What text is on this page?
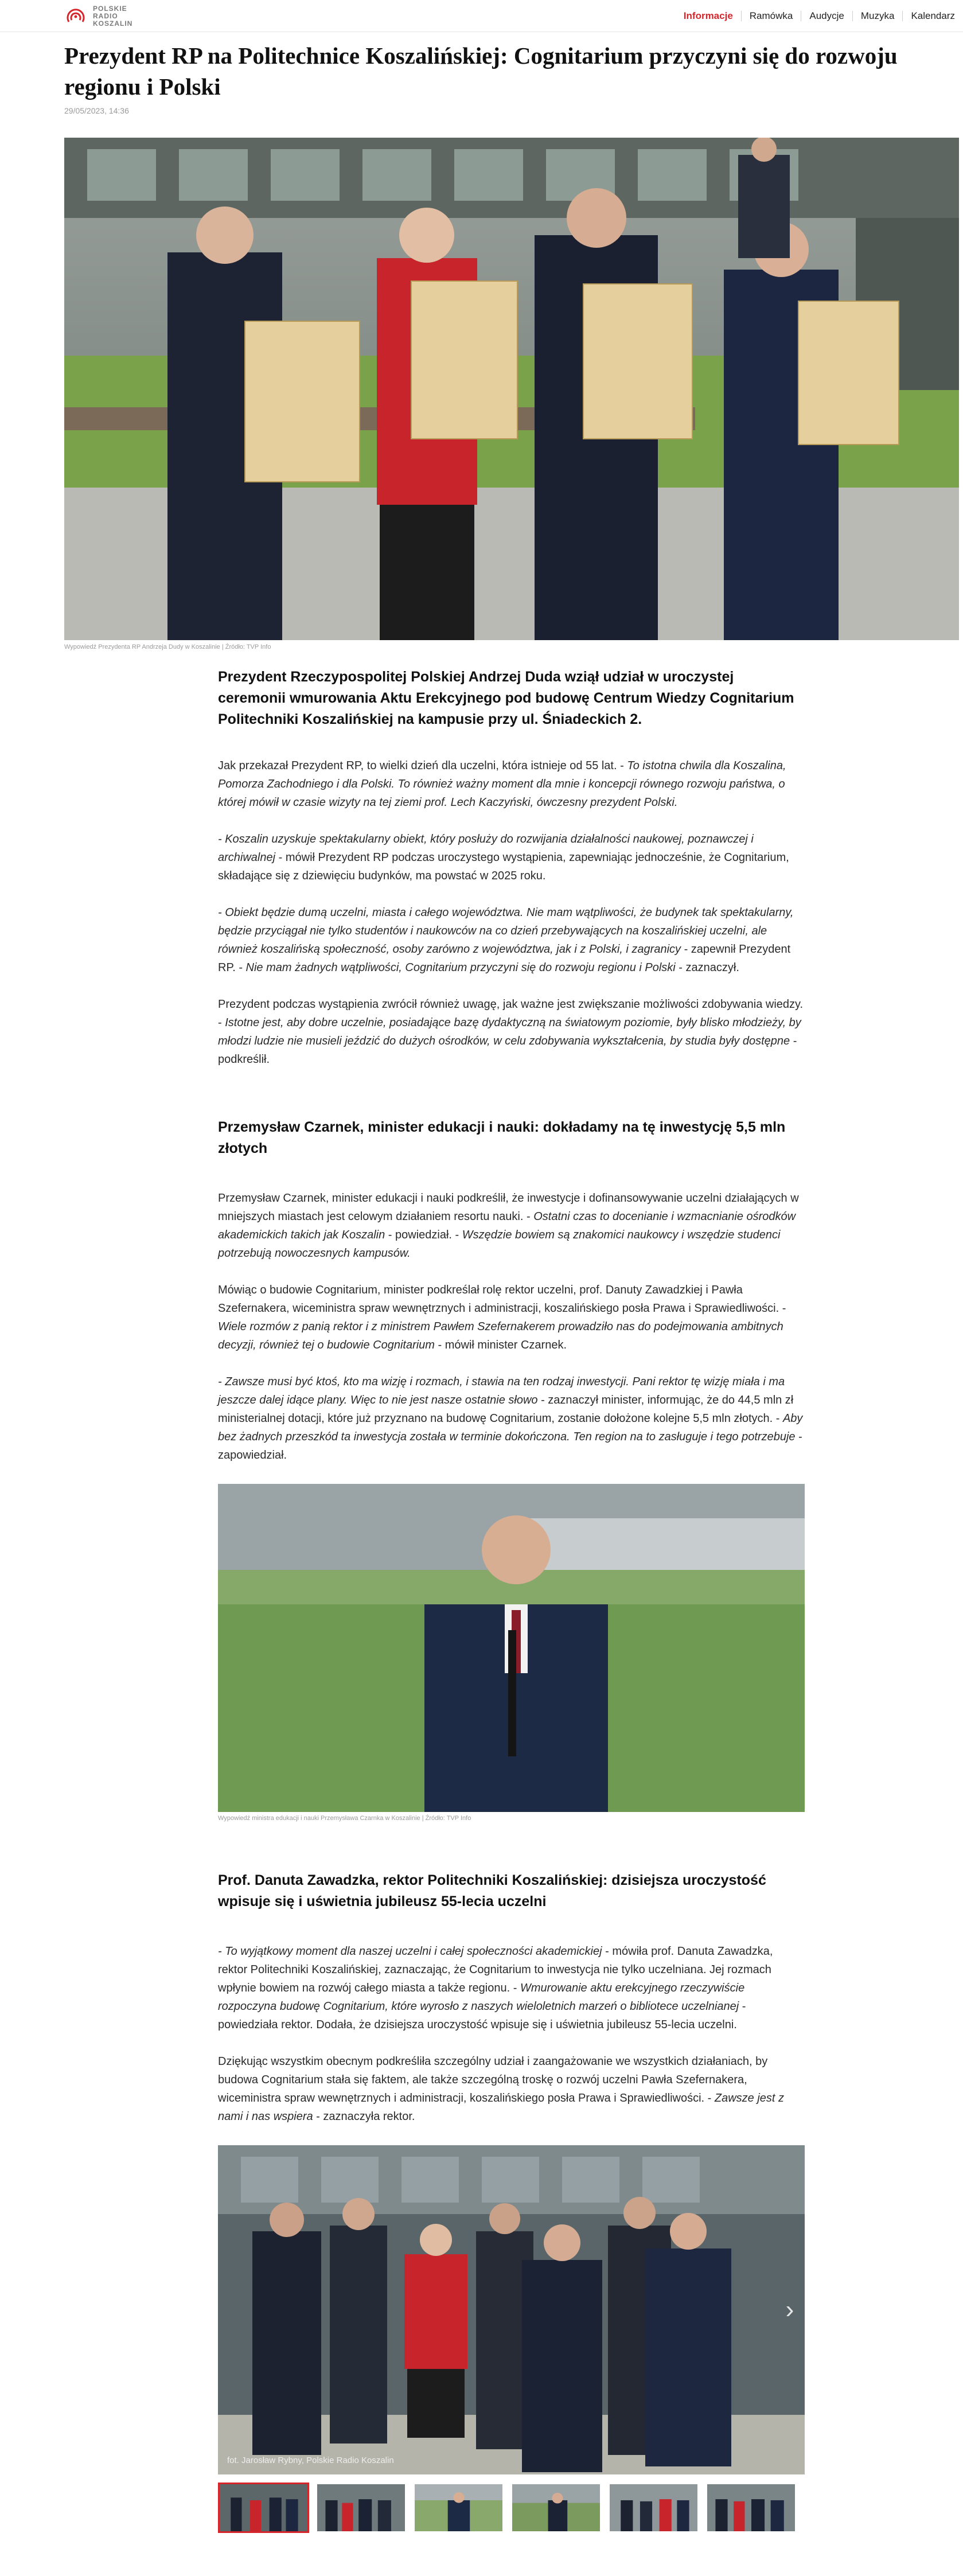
POLSKIE
RADIO
KOSZALIN
Informacje	Ramówka	Audycje	Muzyka	Kalendarz
Prezydent RP na Politechnice Koszalińskiej: Cognitarium przyczyni się do rozwoju regionu i Polski
29/05/2023, 14:36
Wypowiedź Prezydenta RP Andrzeja Dudy w Koszalinie | Źródło: TVP Info

Prezydent Rzeczypospolitej Polskiej Andrzej Duda wziął udział w uroczystej ceremonii wmurowania Aktu Erekcyjnego pod budowę Centrum Wiedzy Cognitarium Politechniki Koszalińskiej na kampusie przy ul. Śniadeckich 2.

Jak przekazał Prezydent RP, to wielki dzień dla uczelni, która istnieje od 55 lat. - To istotna chwila dla Koszalina, Pomorza Zachodniego i dla Polski. To również ważny moment dla mnie i koncepcji równego rozwoju państwa, o której mówił w czasie wizyty na tej ziemi prof. Lech Kaczyński, ówczesny prezydent Polski.

- Koszalin uzyskuje spektakularny obiekt, który posłuży do rozwijania działalności naukowej, poznawczej i archiwalnej - mówił Prezydent RP podczas uroczystego wystąpienia, zapewniając jednocześnie, że Cognitarium, składające się z dziewięciu budynków, ma powstać w 2025 roku.

- Obiekt będzie dumą uczelni, miasta i całego województwa. Nie mam wątpliwości, że budynek tak spektakularny, będzie przyciągał nie tylko studentów i naukowców na co dzień przebywających na koszalińskiej uczelni, ale również koszalińską społeczność, osoby zarówno z województwa, jak i z Polski, i zagranicy - zapewnił Prezydent RP. - Nie mam żadnych wątpliwości, Cognitarium przyczyni się do rozwoju regionu i Polski - zaznaczył.

Prezydent podczas wystąpienia zwrócił również uwagę, jak ważne jest zwiększanie możliwości zdobywania wiedzy. - Istotne jest, aby dobre uczelnie, posiadające bazę dydaktyczną na światowym poziomie, były blisko młodzieży, by młodzi ludzie nie musieli jeździć do dużych ośrodków, w celu zdobywania wykształcenia, by studia były dostępne - podkreślił.

Przemysław Czarnek, minister edukacji i nauki: dokładamy na tę inwestycję 5,5 mln złotych

Przemysław Czarnek, minister edukacji i nauki podkreślił, że inwestycje i dofinansowywanie uczelni działających w mniejszych miastach jest celowym działaniem resortu nauki. - Ostatni czas to docenianie i wzmacnianie ośrodków akademickich takich jak Koszalin - powiedział. - Wszędzie bowiem są znakomici naukowcy i wszędzie studenci potrzebują nowoczesnych kampusów.

Mówiąc o budowie Cognitarium, minister podkreślał rolę rektor uczelni, prof. Danuty Zawadzkiej i Pawła Szefernakera, wiceministra spraw wewnętrznych i administracji, koszalińskiego posła Prawa i Sprawiedliwości. - Wiele rozmów z panią rektor i z ministrem Pawłem Szefernakerem prowadziło nas do podejmowania ambitnych decyzji, również tej o budowie Cognitarium - mówił minister Czarnek.

- Zawsze musi być ktoś, kto ma wizję i rozmach, i stawia na ten rodzaj inwestycji. Pani rektor tę wizję miała i ma jeszcze dalej idące plany. Więc to nie jest nasze ostatnie słowo - zaznaczył minister, informując, że do 44,5 mln zł ministerialnej dotacji, które już przyznano na budowę Cognitarium, zostanie dołożone kolejne 5,5 mln złotych. - Aby bez żadnych przeszkód ta inwestycja została w terminie dokończona. Ten region na to zasługuje i tego potrzebuje - zapowiedział.

Wypowiedź ministra edukacji i nauki Przemysława Czarnka w Koszalinie | Źródło: TVP Info
Prof. Danuta Zawadzka, rektor Politechniki Koszalińskiej: dzisiejsza uroczystość wpisuje się i uświetnia jubileusz 55-lecia uczelni

- To wyjątkowy moment dla naszej uczelni i całej społeczności akademickiej - mówiła prof. Danuta Zawadzka, rektor Politechniki Koszalińskiej, zaznaczając, że Cognitarium to inwestycja nie tylko uczelniana. Jej rozmach wpłynie bowiem na rozwój całego miasta a także regionu. - Wmurowanie aktu erekcyjnego rzeczywiście rozpoczyna budowę Cognitarium, które wyrosło z naszych wieloletnich marzeń o bibliotece uczelnianej - powiedziała rektor. Dodała, że dzisiejsza uroczystość wpisuje się i uświetnia jubileusz 55-lecia uczelni.

Dziękując wszystkim obecnym podkreśliła szczególny udział i zaangażowanie we wszystkich działaniach, by budowa Cognitarium stała się faktem, ale także szczególną troskę o rozwój uczelni Pawła Szefernakera, wiceministra spraw wewnętrznych i administracji, koszalińskiego posła Prawa i Sprawiedliwości. - Zawsze jest z nami i nas wspiera - zaznaczyła rektor.

fot. Jarosław Rybny, Polskie Radio Koszalin
›
